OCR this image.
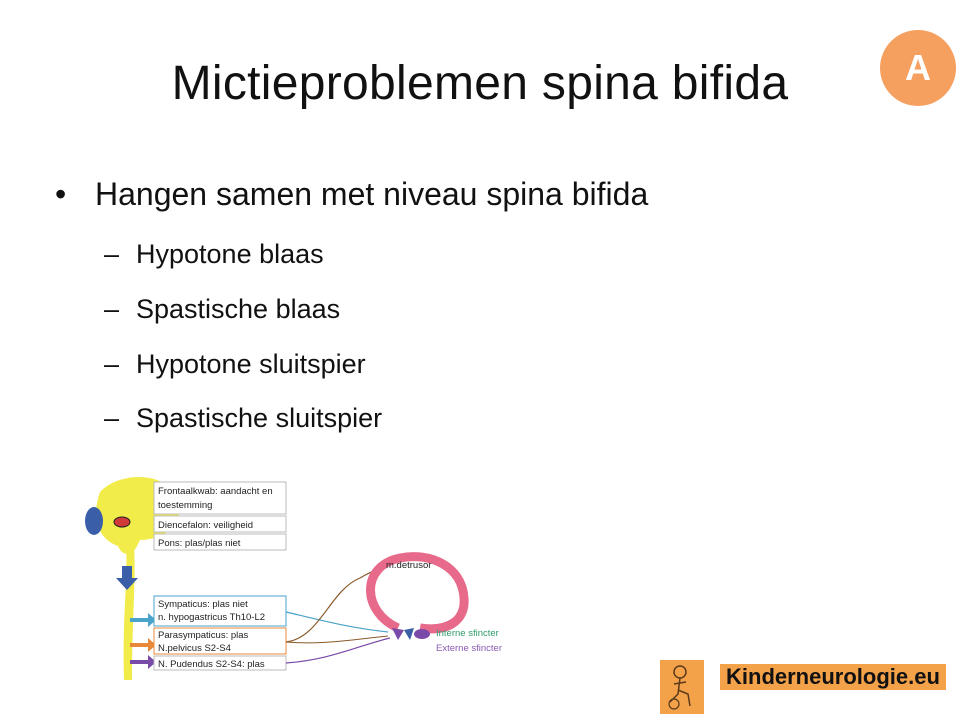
Mictieproblemen spina bifida	A
• Hangen samen met niveau spina bifida
– Hypotone blaas
– Spastische blaas
– Hypotone sluitspier
– Spastische sluitspier
Frontaalkwab: aandacht en
toestemming
Diencefalon: veiligheid
Pons: plas/plas niet
Sympaticus: plas niet
n. hypogastricus Th10-L2
Parasympaticus: plas
N.pelvicus S2-S4
N. Pudendus S2-S4: plas
m.detrusor
Interne sfincter
Externe sfincter
Kinderneurologie.eu
